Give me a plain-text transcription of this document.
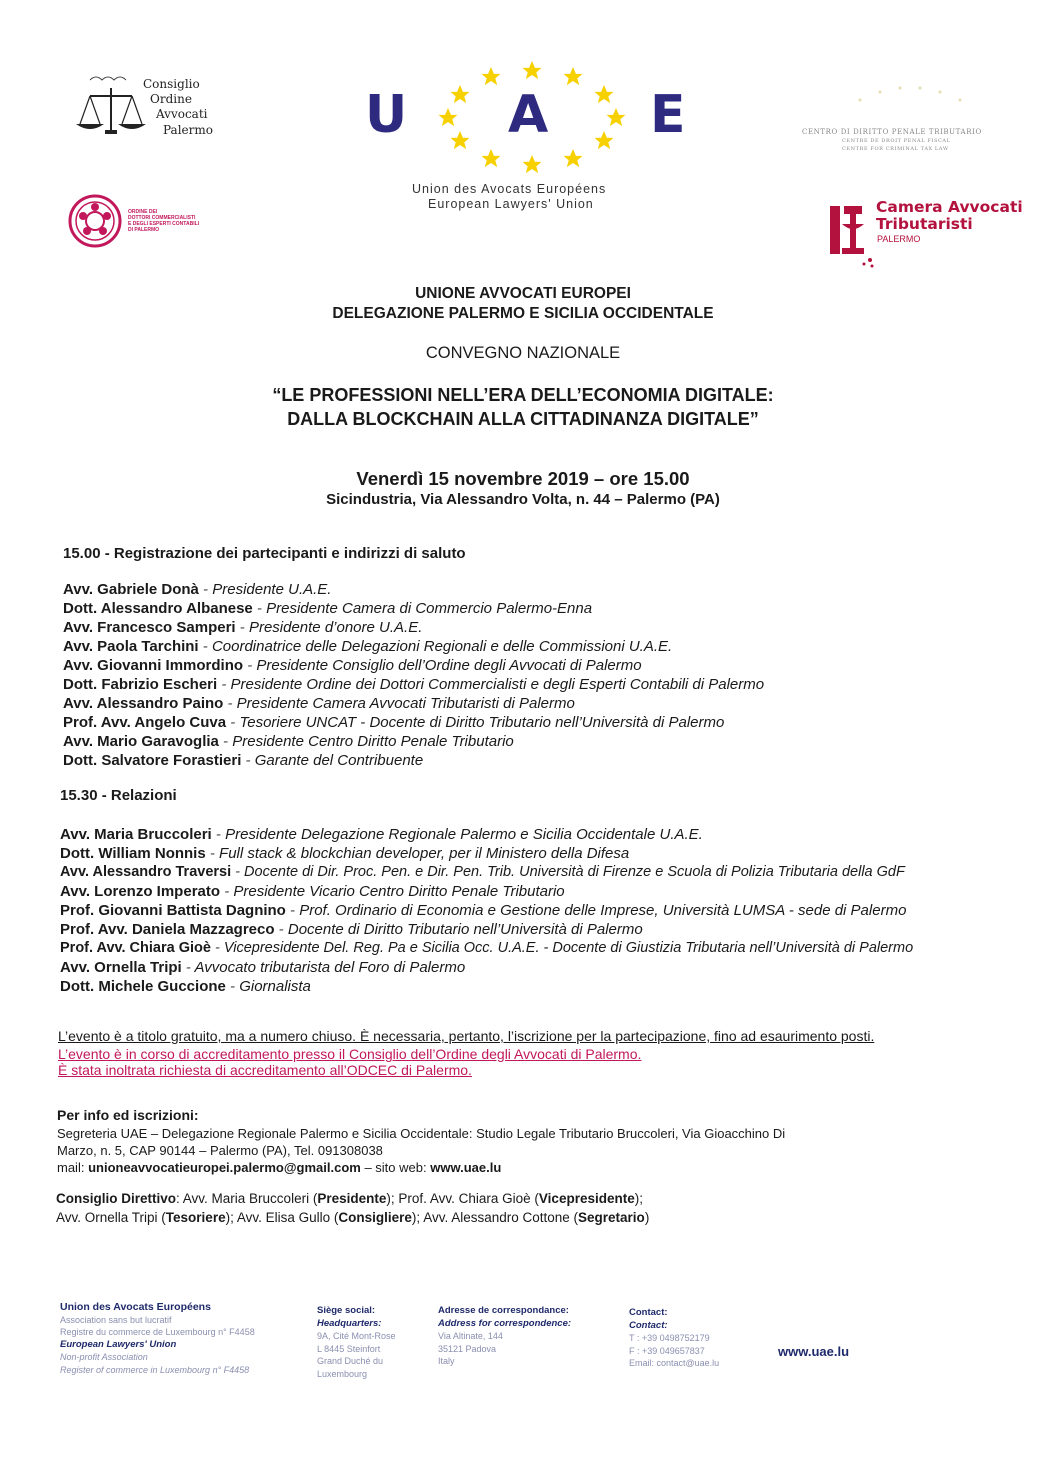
Consiglio
Ordine
Avvocati
Palermo
ORDINE DEI
DOTTORI COMMERCIALISTI
E DEGLI ESPERTI CONTABILI
DI PALERMO
U A E
Union des Avocats Européens
European Lawyers' Union
CENTRO DI DIRITTO PENALE TRIBUTARIO
CENTRE DE DROIT PENAL FISCAL
CENTRE FOR CRIMINAL TAX LAW
Camera Avvocati
Tributaristi
PALERMO
UNIONE AVVOCATI EUROPEI
DELEGAZIONE PALERMO E SICILIA OCCIDENTALE
CONVEGNO NAZIONALE
“LE PROFESSIONI NELL’ERA DELL’ECONOMIA DIGITALE:
DALLA BLOCKCHAIN ALLA CITTADINANZA DIGITALE”
Venerdì 15 novembre 2019 – ore 15.00
Sicindustria, Via Alessandro Volta, n. 44 – Palermo (PA)
15.00 - Registrazione dei partecipanti e indirizzi di saluto
Avv. Gabriele Donà - Presidente U.A.E.
Dott. Alessandro Albanese - Presidente Camera di Commercio Palermo-Enna
Avv. Francesco Samperi - Presidente d’onore U.A.E.
Avv. Paola Tarchini - Coordinatrice delle Delegazioni Regionali e delle Commissioni U.A.E.
Avv. Giovanni Immordino - Presidente Consiglio dell’Ordine degli Avvocati di Palermo
Dott. Fabrizio Escheri - Presidente Ordine dei Dottori Commercialisti e degli Esperti Contabili di Palermo
Avv. Alessandro Paino - Presidente Camera Avvocati Tributaristi di Palermo
Prof. Avv. Angelo Cuva - Tesoriere UNCAT - Docente di Diritto Tributario nell’Università di Palermo
Avv. Mario Garavoglia - Presidente Centro Diritto Penale Tributario
Dott. Salvatore Forastieri - Garante del Contribuente
15.30 - Relazioni
Avv. Maria Bruccoleri - Presidente Delegazione Regionale Palermo e Sicilia Occidentale U.A.E.
Dott. William Nonnis - Full stack & blockchian developer, per il Ministero della Difesa
Avv. Alessandro Traversi - Docente di Dir. Proc. Pen. e Dir. Pen. Trib. Università di Firenze e Scuola di Polizia Tributaria della GdF
Avv. Lorenzo Imperato - Presidente Vicario Centro Diritto Penale Tributario
Prof. Giovanni Battista Dagnino - Prof. Ordinario di Economia e Gestione delle Imprese, Università LUMSA - sede di Palermo
Prof. Avv. Daniela Mazzagreco - Docente di Diritto Tributario nell’Università di Palermo
Prof. Avv. Chiara Gioè - Vicepresidente Del. Reg. Pa e Sicilia Occ. U.A.E. - Docente di Giustizia Tributaria nell’Università di Palermo
Avv. Ornella Tripi - Avvocato tributarista del Foro di Palermo
Dott. Michele Guccione - Giornalista
L’evento è a titolo gratuito, ma a numero chiuso. È necessaria, pertanto, l’iscrizione per la partecipazione, fino ad esaurimento posti.
L’evento è in corso di accreditamento presso il Consiglio dell’Ordine degli Avvocati di Palermo.
È stata inoltrata richiesta di accreditamento all’ODCEC di Palermo.
Per info ed iscrizioni:
Segreteria UAE – Delegazione Regionale Palermo e Sicilia Occidentale: Studio Legale Tributario Bruccoleri, Via Gioacchino Di
Marzo, n. 5, CAP 90144 – Palermo (PA), Tel. 091308038
mail: unioneavvocatieuropei.palermo@gmail.com – sito web: www.uae.lu
Consiglio Direttivo: Avv. Maria Bruccoleri (Presidente); Prof. Avv. Chiara Gioè (Vicepresidente);
Avv. Ornella Tripi (Tesoriere); Avv. Elisa Gullo (Consigliere); Avv. Alessandro Cottone (Segretario)
Union des Avocats Européens
Association sans but lucratif
Registre du commerce de Luxembourg n° F4458
European Lawyers' Union
Non-profit Association
Register of commerce in Luxembourg n° F4458
Siège social:
Headquarters:
9A, Cité Mont-Rose
L 8445 Steinfort
Grand Duché du
Luxembourg
Adresse de correspondance:
Address for correspondence:
Via Altinate, 144
35121 Padova
Italy
Contact:
Contact:
T : +39 0498752179
F : +39 049657837
Email: contact@uae.lu
www.uae.lu
